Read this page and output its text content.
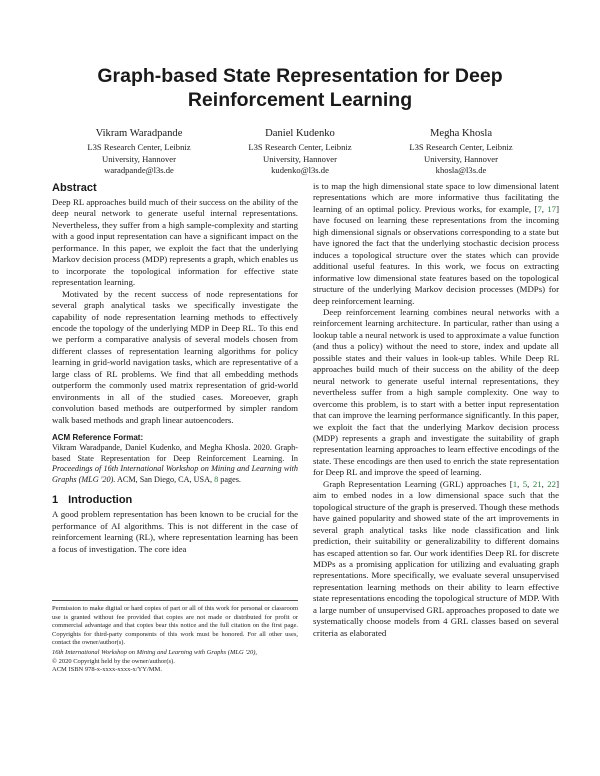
Graph-based State Representation for Deep Reinforcement Learning
Vikram Waradpande
L3S Research Center, Leibniz
University, Hannover
waradpande@l3s.de
Daniel Kudenko
L3S Research Center, Leibniz
University, Hannover
kudenko@l3s.de
Megha Khosla
L3S Research Center, Leibniz
University, Hannover
khosla@l3s.de
Abstract

Deep RL approaches build much of their success on the ability of the deep neural network to generate useful internal representations. Nevertheless, they suffer from a high sample-complexity and starting with a good input representation can have a significant impact on the performance. In this paper, we exploit the fact that the underlying Markov decision process (MDP) represents a graph, which enables us to incorporate the topological information for effective state representation learning.

Motivated by the recent success of node representations for several graph analytical tasks we specifically investigate the capability of node representation learning methods to effectively encode the topology of the underlying MDP in Deep RL. To this end we perform a comparative analysis of several models chosen from different classes of representation learning algorithms for policy learning in grid-world navigation tasks, which are representative of a large class of RL problems. We find that all embedding methods outperform the commonly used matrix representation of grid-world environments in all of the studied cases. Moreoever, graph convolution based methods are outperformed by simpler random walk based methods and graph linear autoencoders.

ACM Reference Format:

Vikram Waradpande, Daniel Kudenko, and Megha Khosla. 2020. Graph-based State Representation for Deep Reinforcement Learning. In Proceedings of 16th International Workshop on Mining and Learning with Graphs (MLG '20). ACM, San Diego, CA, USA, 8 pages.

1 Introduction

A good problem representation has been known to be crucial for the performance of AI algorithms. This is not different in the case of reinforcement learning (RL), where representation learning has been a focus of investigation. The core idea

Permission to make digital or hard copies of part or all of this work for personal or classroom use is granted without fee provided that copies are not made or distributed for profit or commercial advantage and that copies bear this notice and the full citation on the first page. Copyrights for third-party components of this work must be honored. For all other uses, contact the owner/author(s).

16th International Workshop on Mining and Learning with Graphs (MLG '20),

© 2020 Copyright held by the owner/author(s).

ACM ISBN 978-x-xxxx-xxxx-x/YY/MM.

is to map the high dimensional state space to low dimensional latent representations which are more informative thus facilitating the learning of an optimal policy. Previous works, for example, [7, 17] have focused on learning these representations from the incoming high dimensional signals or observations corresponding to a state but have ignored the fact that the underlying stochastic decision process induces a topological structure over the states which can provide additional useful features. In this work, we focus on extracting informative low dimensional state features based on the topological structure of the underlying Markov decision processes (MDPs) for deep reinforcement learning.

Deep reinforcement learning combines neural networks with a reinforcement learning architecture. In particular, rather than using a lookup table a neural network is used to approximate a value function (and thus a policy) without the need to store, index and update all possible states and their values in look-up tables. While Deep RL approaches build much of their success on the ability of the deep neural network to generate useful internal representations, they nevertheless suffer from a high sample complexity. One way to overcome this problem, is to start with a better input representation that can improve the learning performance significantly. In this paper, we exploit the fact that the underlying Markov decision process (MDP) represents a graph and investigate the suitability of graph representation learning approaches to learn effective encodings of the state. These encodings are then used to enrich the state representation for Deep RL and improve the speed of learning.

Graph Representation Learning (GRL) approaches [1, 5, 21, 22] aim to embed nodes in a low dimensional space such that the topological structure of the graph is preserved. Though these methods have gained popularity and showed state of the art improvements in several graph analytical tasks like node classification and link prediction, their suitability or generalizability to different domains has escaped attention so far. Our work identifies Deep RL for discrete MDPs as a promising application for utilizing and evaluating graph representations. More specifically, we evaluate several unsupervised representation learning methods on their ability to learn effective state representations encoding the topological structure of MDP. With a large number of unsupervised GRL approaches proposed to date we systematically choose models from 4 GRL classes based on several criteria as elaborated
